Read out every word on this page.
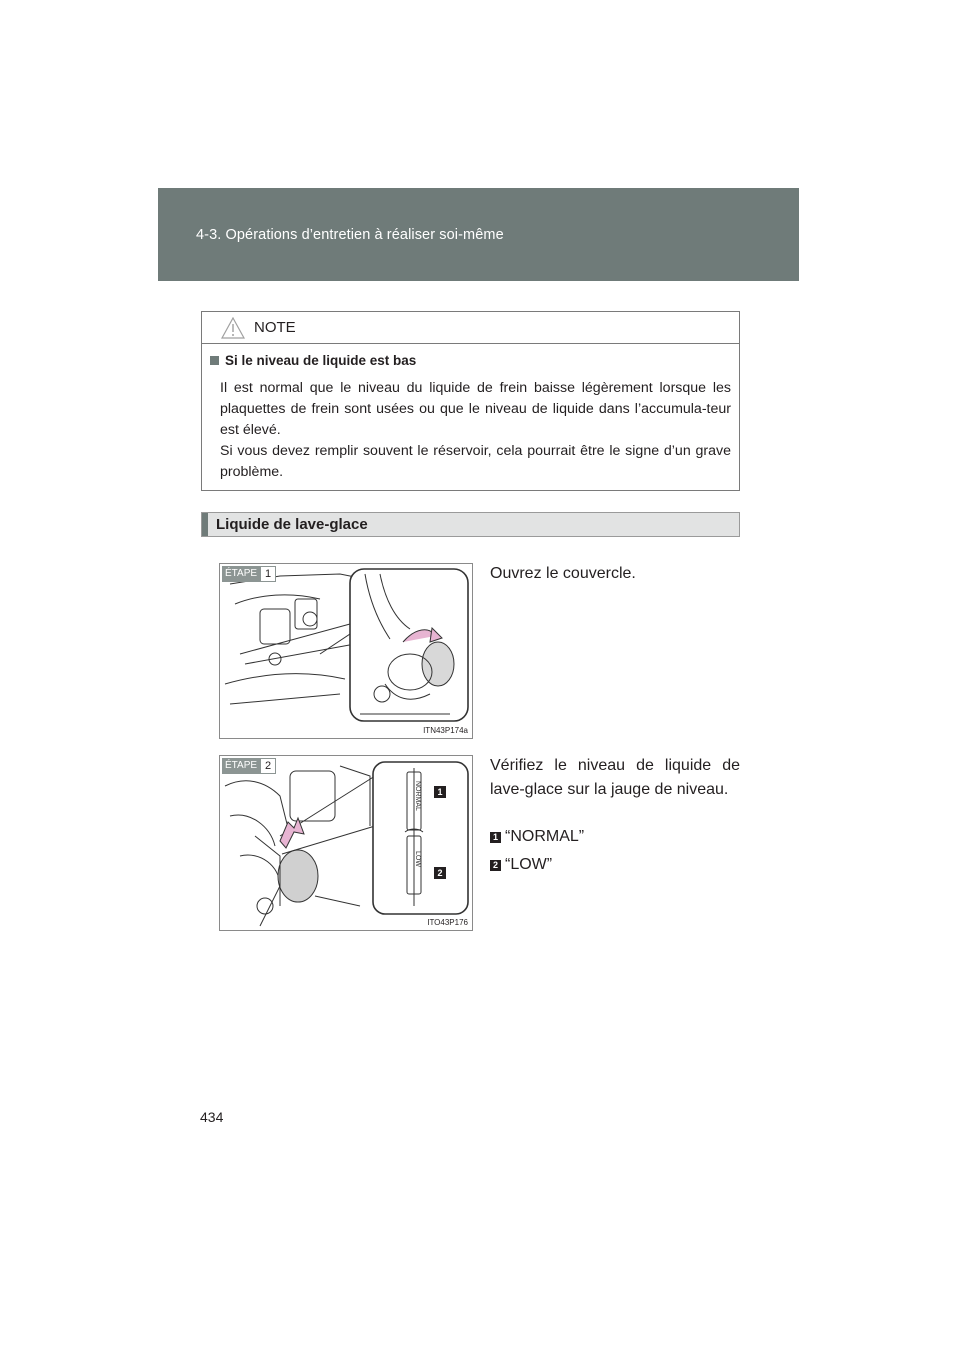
4-3. Opérations d’entretien à réaliser soi-même
NOTE
Si le niveau de liquide est bas

Il est normal que le niveau du liquide de frein baisse légèrement lorsque les plaquettes de frein sont usées ou que le niveau de liquide dans l’accumula-teur est élevé.

Si vous devez remplir souvent le réservoir, cela pourrait être le signe d’un grave problème.

Liquide de lave-glace
ÉTAPE 1
ITN43P174a

Ouvrez le couvercle.

NORMAL
LOW
1
2
ÉTAPE 2
ITO43P176

Vérifiez le niveau de liquide de lave-glace sur la jauge de niveau.

1 “NORMAL”
2 “LOW”
434
